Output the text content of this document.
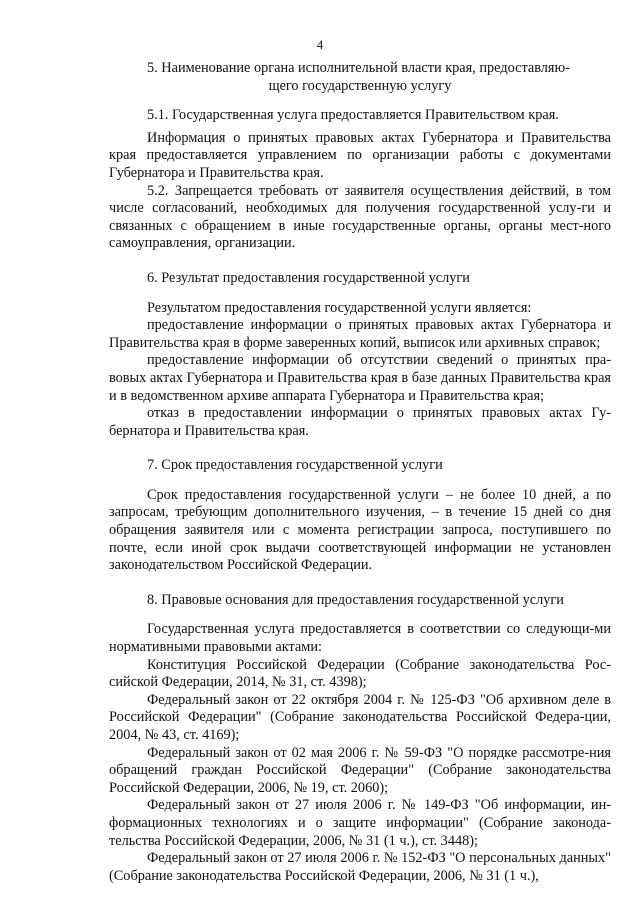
4

5. Наименование органа исполнительной власти края, предоставляю-

щего государственную услугу

5.1. Государственная услуга предоставляется Правительством края.

Информация о принятых правовых актах Губернатора и Правительства края предоставляется управлением по организации работы с документами Губернатора и Правительства края.

5.2. Запрещается требовать от заявителя осуществления действий, в том числе согласований, необходимых для получения государственной услу-ги и связанных с обращением в иные государственные органы, органы мест-ного самоуправления, организации.

6. Результат предоставления государственной услуги

Результатом предоставления государственной услуги является:

предоставление информации о принятых правовых актах Губернатора и Правительства края в форме заверенных копий, выписок или архивных справок;

предоставление информации об отсутствии сведений о принятых пра-вовых актах Губернатора и Правительства края в базе данных Правительства края и в ведомственном архиве аппарата Губернатора и Правительства края;

отказ в предоставлении информации о принятых правовых актах Гу-бернатора и Правительства края.

7. Срок предоставления государственной услуги

Срок предоставления государственной услуги – не более 10 дней, а по запросам, требующим дополнительного изучения, – в течение 15 дней со дня обращения заявителя или с момента регистрации запроса, поступившего по почте, если иной срок выдачи соответствующей информации не установлен законодательством Российской Федерации.

8. Правовые основания для предоставления государственной услуги

Государственная услуга предоставляется в соответствии со следующи-ми нормативными правовыми актами:

Конституция Российской Федерации (Собрание законодательства Рос-сийской Федерации, 2014, № 31, ст. 4398);

Федеральный закон от 22 октября 2004 г. № 125-ФЗ "Об архивном деле в Российской Федерации" (Собрание законодательства Российской Федера-ции, 2004, № 43, ст. 4169);

Федеральный закон от 02 мая 2006 г. № 59-ФЗ "О порядке рассмотре-ния обращений граждан Российской Федерации" (Собрание законодательства Российской Федерации, 2006, № 19, ст. 2060);

Федеральный закон от 27 июля 2006 г. № 149-ФЗ "Об информации, ин-формационных технологиях и о защите информации" (Собрание законода-тельства Российской Федерации, 2006, № 31 (1 ч.), ст. 3448);

Федеральный закон от 27 июля 2006 г. № 152-ФЗ "О персональных данных" (Собрание законодательства Российской Федерации, 2006, № 31 (1 ч.),
